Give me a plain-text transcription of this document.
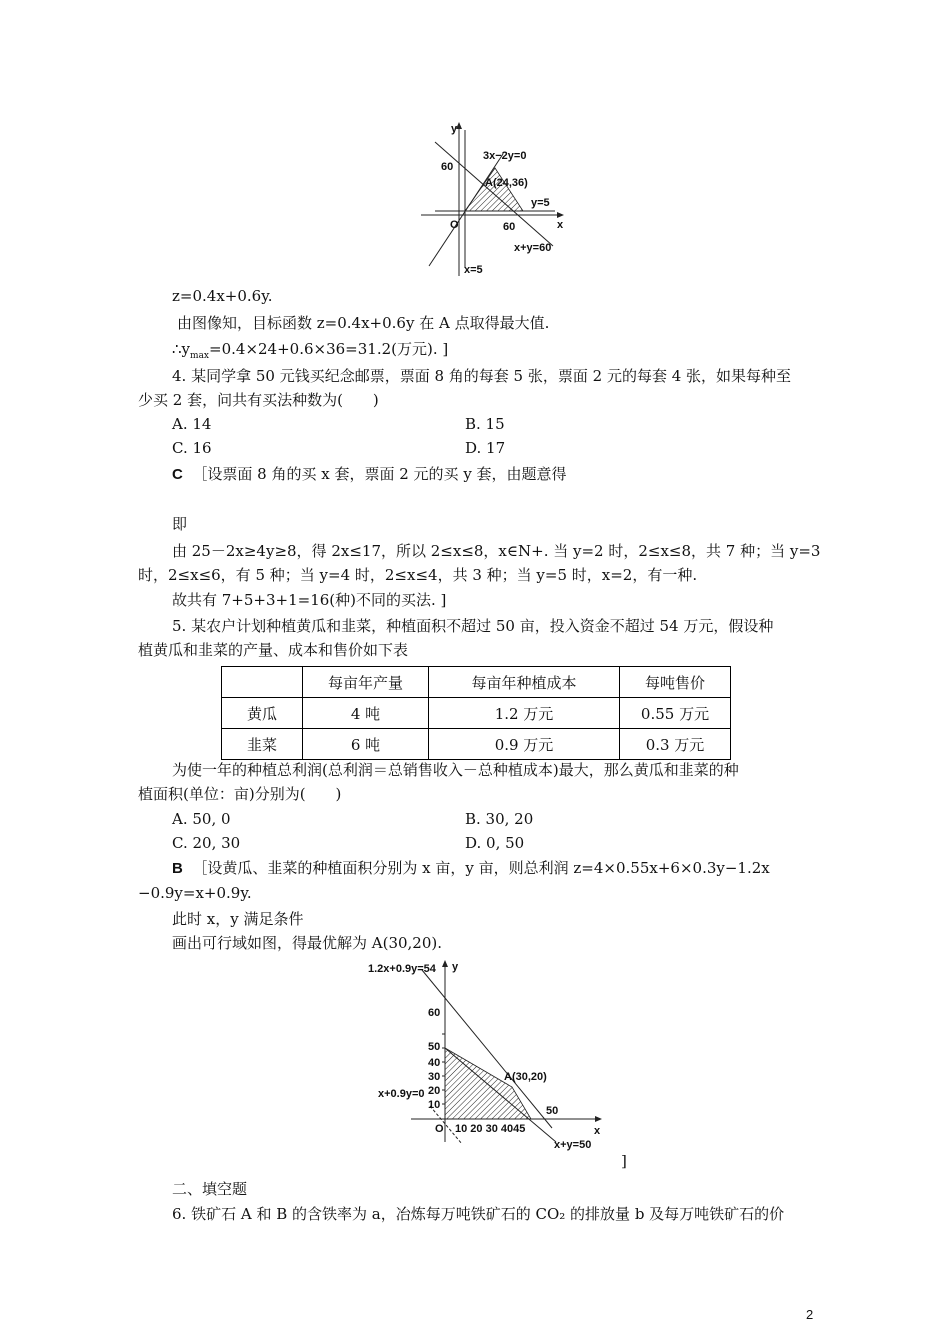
y
x
O
60
60
3x−2y=0
A(24,36)
y=5
x+y=60
x=5
z=0.4x+0.6y.
由图像知，目标函数 z=0.4x+0.6y 在 A 点取得最大值.
$\therefore y_{max}=0.4\times 24+0.6\times 36=31.2$(万元). ]
4. 某同学拿 50 元钱买纪念邮票，票面 8 角的每套 5 张，票面 2 元的每套 4 张，如果每种至
少买 2 套，问共有买法种数为(　　)
A. 14	B. 15
C. 16	D. 17
C ［设票面 8 角的买 x 套，票面 2 元的买 y 套，由题意得
即
由 25－2x≥4y≥8，得 2x≤17，所以 2≤x≤8，x∈N+. 当 y=2 时，2≤x≤8，共 7 种；当 y=3
时，2≤x≤6，有 5 种；当 y=4 时，2≤x≤4，共 3 种；当 y=5 时，x=2，有一种.
故共有 7+5+3+1=16(种)不同的买法. ]
5. 某农户计划种植黄瓜和韭菜，种植面积不超过 50 亩，投入资金不超过 54 万元，假设种
植黄瓜和韭菜的产量、成本和售价如下表
	每亩年产量	每亩年种植成本	每吨售价
黄瓜	4 吨	1.2 万元	0.55 万元
韭菜	6 吨	0.9 万元	0.3 万元
为使一年的种植总利润(总利润＝总销售收入－总种植成本)最大，那么黄瓜和韭菜的种
植面积(单位：亩)分别为(　　)
A. 50, 0	B. 30, 20
C. 20, 30	D. 0, 50
B ［设黄瓜、韭菜的种植面积分别为 x 亩，y 亩，则总利润 z=4×0.55x+6×0.3y−1.2x
−0.9y=x+0.9y.
此时 x，y 满足条件
画出可行域如图，得最优解为 A(30,20).
y
x
O
1.2x+0.9y=54
60
50
40
30
20
10
10 20 30 4045
A(30,20)
x+0.9y=0
50
x+y=50
]
二、填空题
6. 铁矿石 A 和 B 的含铁率为 a，冶炼每万吨铁矿石的 CO₂ 的排放量 b 及每万吨铁矿石的价
2
